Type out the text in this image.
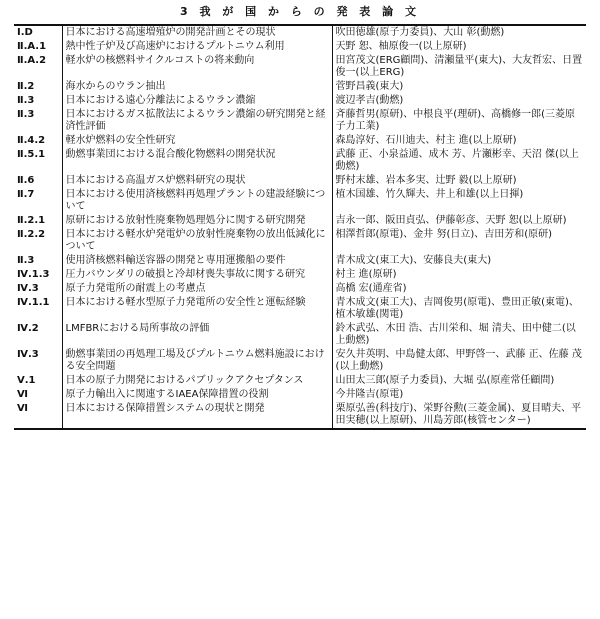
3 我 が 国 か ら の 発 表 論 文
Ⅰ.D	日本における高速増殖炉の開発計画とその現状	吹田徳雄(原子力委員)、大山 彰(動燃)
Ⅱ.A.1	熱中性子炉及び高速炉におけるプルトニウム利用	天野 恕、柚原俊一(以上原研)
Ⅱ.A.2	軽水炉の核燃料サイクルコストの将来動向	田宮茂文(ERG顧問)、清瀬量平(東大)、大友哲宏、日置俊一(以上ERG)
Ⅱ.2	海水からのウラン抽出	菅野昌義(東大)
Ⅱ.3	日本における遠心分離法によるウラン濃縮	渡辺孝吉(動燃)
Ⅱ.3	日本におけるガス拡散法によるウラン濃縮の研究開発と経済性評価	斉藤哲男(原研)、中根良平(理研)、高橋修一郎(三菱原子力工業)
Ⅱ.4.2	軽水炉燃料の安全性研究	森島淳好、石川迪夫、村主 進(以上原研)
Ⅱ.5.1	動燃事業団における混合酸化物燃料の開発状況	武藤 正、小泉益通、成木 芳、片瀬彬幸、天沼 傑(以上動燃)
Ⅱ.6	日本における高温ガス炉燃料研究の現状	野村末雄、岩本多実、辻野 毅(以上原研)
Ⅱ.7	日本における使用済核燃料再処理プラントの建設経験について	植木国雄、竹久輝夫、井上和雄(以上日揮)
Ⅱ.2.1	原研における放射性廃棄物処理処分に関する研究開発	吉永一郎、阪田貞弘、伊藤彰彦、天野 恕(以上原研)
Ⅱ.2.2	日本における軽水炉発電炉の放射性廃棄物の放出低減化について	相澤哲郎(原電)、金井 努(日立)、吉田芳和(原研)
Ⅱ.3	使用済核燃料輸送容器の開発と専用運搬船の要件	青木成文(東工大)、安藤良夫(東大)
Ⅳ.1.3	圧力バウンダリの破損と冷却材喪失事故に関する研究	村主 進(原研)
Ⅳ.3	原子力発電所の耐震上の考慮点	高橋 宏(通産省)
Ⅳ.1.1	日本における軽水型原子力発電所の安全性と運転経験	青木成文(東工大)、吉岡俊男(原電)、豊田正敏(東電)、植木敏雄(関電)
Ⅳ.2	LMFBRにおける局所事故の評価	鈴木武弘、木田 浩、古川栄和、堀 清夫、田中健二(以上動燃)
Ⅳ.3	動燃事業団の再処理工場及びプルトニウム燃料施設における安全問題	安久井英明、中島健太郎、甲野啓一、武藤 正、佐藤 茂(以上動燃)
Ⅴ.1	日本の原子力開発におけるパブリックアクセプタンス	山田太三郎(原子力委員)、大堀 弘(原産常任顧問)
Ⅵ	原子力輸出入に関連するIAEA保障措置の役割	今井隆吉(原電)
Ⅵ	日本における保障措置システムの現状と開発	栗原弘善(科技庁)、栄野谷勲(三菱金属)、夏目晴夫、平田実穂(以上原研)、川島芳郎(核管センター)
